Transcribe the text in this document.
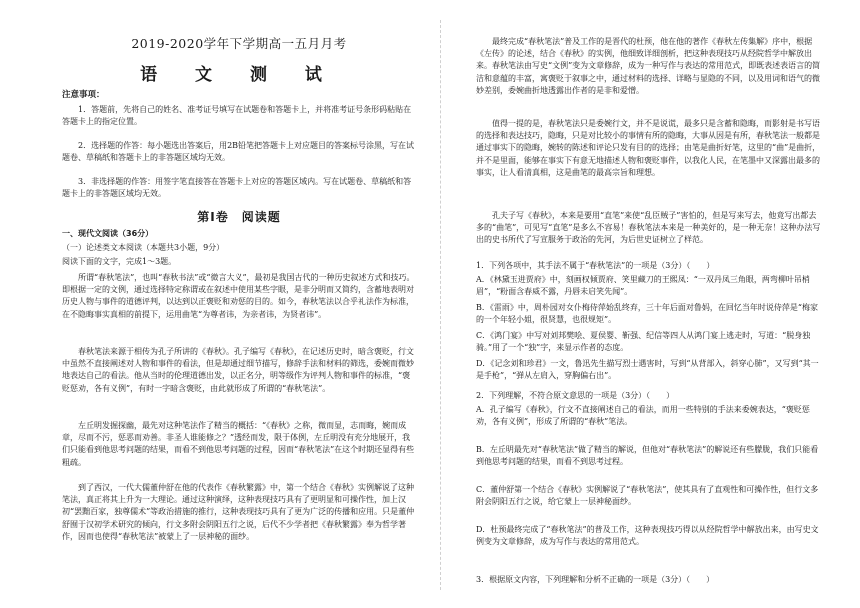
2019-2020学年下学期高一五月月考
语 文 测 试
注意事项：
1．答题前，先将自己的姓名、准考证号填写在试题卷和答题卡上，并将准考证号条形码粘贴在答题卡上的指定位置。
2．选择题的作答：每小题选出答案后，用2B铅笔把答题卡上对应题目的答案标号涂黑，写在试题卷、草稿纸和答题卡上的非答题区域均无效。
3．非选择题的作答：用签字笔直接答在答题卡上对应的答题区域内。写在试题卷、草稿纸和答题卡上的非答题区域均无效。
第Ⅰ卷　阅读题
一、现代文阅读（36分）
（一）论述类文本阅读（本题共3小题，9分）
阅读下面的文字，完成1～3题。
所谓“春秋笔法”，也叫“春秋书法”或“微言大义”，最初是我国古代的一种历史叙述方式和技巧。即根据一定的文例，通过选择特定称谓或在叙述中使用某些字眼，是非分明而又简约，含蓄地表明对历史人物与事件的道德评判，以达到以正褒贬和劝惩的目的。如今，春秋笔法以合乎礼法作为标准，在不隐晦事实真相的前提下，运用曲笔“为尊者讳，为亲者讳，为贤者讳”。
春秋笔法来源于相传为孔子所讲的《春秋》。孔子编写《春秋》，在记述历史时，暗含褒贬，行文中虽然不直接阐述对人物和事件的看法，但是却通过细节描写，修辞手法和材料的筛选，委婉而微妙地表达自己的看法。他从当时的伦理道德出发，以正名分，明等级作为评判人物和事件的标准，“褒贬惩劝，各有义例”，有时一字暗含褒贬，由此就形成了所谓的“春秋笔法”。
左丘明发掘探幽，最先对这种笔法作了精当的概括：“《春秋》之称，微而显，志而晦，婉而成章，尽而不污，惩恶而劝善。非圣人谁能修之？”透经而发，限于体例，左丘明没有充分地展开，我们只能看到他思考问题的结果，而看不到他思考问题的过程，因而“春秋笔法”在这个时期还显得有些粗疏。
到了西汉，一代大儒董仲舒在他的代表作《春秋繁露》中，第一个结合《春秋》实例解说了这种笔法，真正将其上升为一大理论。通过这种演绎，这种表现技巧具有了更明显和可操作性，加上汉初“罢黜百家，独尊儒术”等政治措施的推行，这种表现技巧具有了更为广泛的传播和应用。只是董仲舒囿于汉初学术研究的倾向，行文多附会阴阳五行之说，后代不少学者把《春秋繁露》奉为哲学著作，因而也使得“春秋笔法”被蒙上了一层神秘的面纱。
最终完成“春秋笔法”普及工作的是晋代的杜预，他在他的著作《春秋左传集解》序中，根据《左传》的论述，结合《春秋》的实例，他细致详细剖析，把这种表现技巧从经院哲学中解放出来。春秋笔法由写史“文例”变为文章修辞，成为一种写作与表达的常用范式，即既表述表语言的简洁和意蕴的丰富，寓褒贬于叙事之中，通过材料的选择、详略与显隐的不同，以及用词和语气的微妙差别，委婉曲折地透露出作者的是非和爱憎。
值得一提的是，春秋笔法只是委婉行文，并不是说谎，最多只是含蓄和隐晦，而影射是书写语的选择和表达技巧，隐晦，只是对比较小的事情有所的隐晦，大事从因是有所，春秋笔法一般都是通过事实下的隐晦，婉转的陈述和评论只发有目的的选择；由笔是曲折好笔，这里的“曲”是曲折，并不是里面，能够在事实下有意无地描述人物和褒贬事件，以我化人民，在笔墨中又深露出最多的事实，让人看清真相，这是曲笔的最高宗旨和理想。
孔夫子写《春秋》，本来是要用“直笔”来使“乱臣贼子”害怕的，但是写来写去，他竟写出都去多的“曲笔”，可见写“直笔”是多么不容易！春秋笔法本来是一种美好的，是一种无奈！这种办法写出的史书所代了写宣服务于政治的先河，为后世史证树立了样范。
1．下列各项中，其手法不属于“春秋笔法”的一项是（3分）（　　）
A．《林黛玉进贾府》中，刻画权倾贾府、笑里藏刀的王熙凤：“一双丹凤三角眼，两弯柳叶吊梢眉”，“粉面含春威不露，丹唇未启笑先闻”。
B．《雷雨》中，周朴园对女仆梅侍萍始乱终弃，三十年后面对鲁妈，在回忆当年时说侍萍是“梅家的一个年轻小姐，很贤慧，也很规矩”。
C．《鸿门宴》中写对刘邦樊哙、夏侯婴、靳强、纪信等四人从鸿门宴上逃走时，写道：“脱身独骑。”用了一个“独”字，来显示作者的态度。
D．《记念刘和珍君》一文，鲁迅先生描写烈士遇害时，写到“从背部入，斜穿心肺”，又写到“其一是手枪”，“弹从左肩入，穿胸偏右出”。
2．下列理解，不符合原文意思的一项是（3分）（　　）
A．孔子编写《春秋》，行文不直接阐述自己的看法，而用一些特别的手法来委婉表达，“褒贬惩劝，各有义例”，形成了所谓的“春秋”笔法。
B．左丘明最先对“春秋笔法”做了精当的解说，但他对“春秋笔法”的解说还有些朦胧，我们只能看到他思考问题的结果，而看不到思考过程。
C．董仲舒第一个结合《春秋》实例解说了“春秋笔法”，使其具有了直观性和可操作性，但行文多附会阴阳五行之说，给它蒙上一层神秘面纱。
D．杜预最终完成了“春秋笔法”的普及工作，这种表现技巧得以从经院哲学中解放出来，由写史文例变为文章修辞，成为写作与表达的常用范式。
3．根据原文内容，下列理解和分析不正确的一项是（3分）（　　）
